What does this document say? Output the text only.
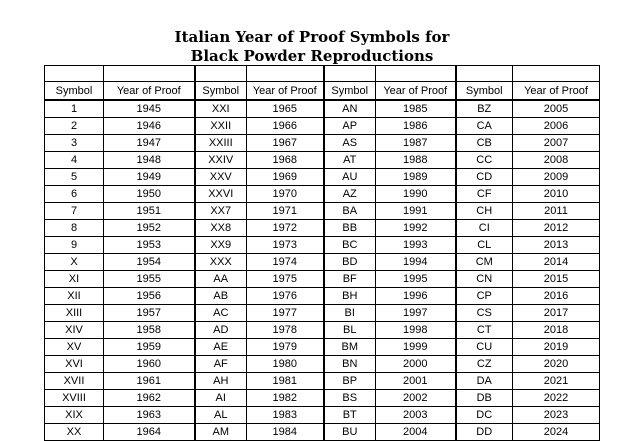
Italian Year of Proof Symbols for
Black Powder Reproductions

Symbol	Year of Proof	Symbol	Year of Proof	Symbol	Year of Proof	Symbol	Year of Proof
1	1945	XXI	1965	AN	1985	BZ	2005
2	1946	XXII	1966	AP	1986	CA	2006
3	1947	XXIII	1967	AS	1987	CB	2007
4	1948	XXIV	1968	AT	1988	CC	2008
5	1949	XXV	1969	AU	1989	CD	2009
6	1950	XXVI	1970	AZ	1990	CF	2010
7	1951	XX7	1971	BA	1991	CH	2011
8	1952	XX8	1972	BB	1992	CI	2012
9	1953	XX9	1973	BC	1993	CL	2013
X	1954	XXX	1974	BD	1994	CM	2014
XI	1955	AA	1975	BF	1995	CN	2015
XII	1956	AB	1976	BH	1996	CP	2016
XIII	1957	AC	1977	BI	1997	CS	2017
XIV	1958	AD	1978	BL	1998	CT	2018
XV	1959	AE	1979	BM	1999	CU	2019
XVI	1960	AF	1980	BN	2000	CZ	2020
XVII	1961	AH	1981	BP	2001	DA	2021
XVIII	1962	AI	1982	BS	2002	DB	2022
XIX	1963	AL	1983	BT	2003	DC	2023
XX	1964	AM	1984	BU	2004	DD	2024
